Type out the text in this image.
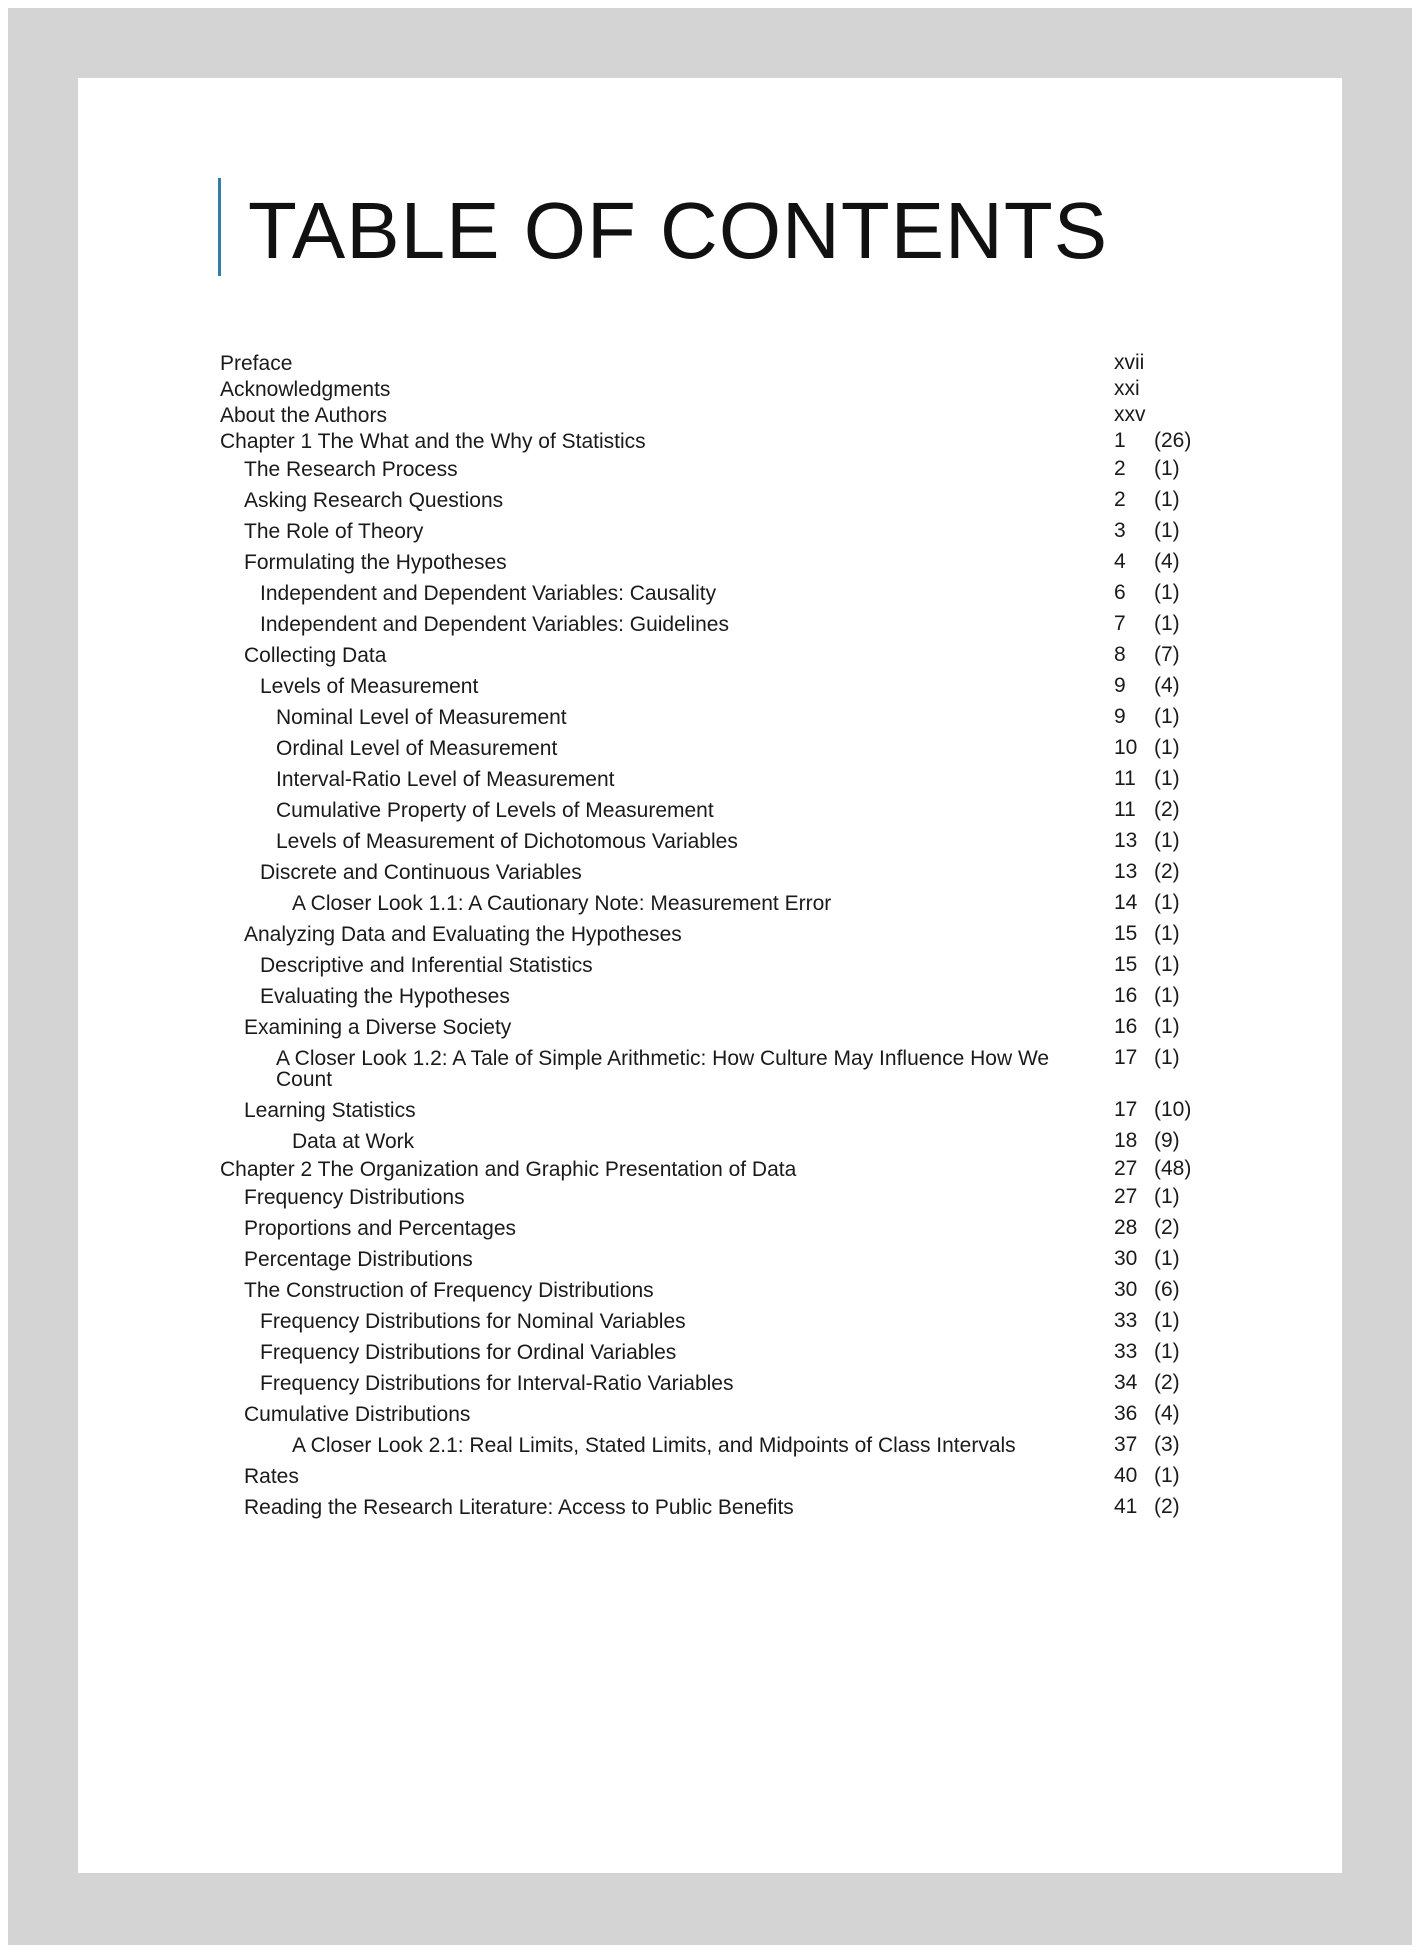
TABLE OF CONTENTS
Preface	xvii
Acknowledgments	xxi
About the Authors	xxv
Chapter 1 The What and the Why of Statistics	1 (26)
The Research Process	2 (1)
Asking Research Questions	2 (1)
The Role of Theory	3 (1)
Formulating the Hypotheses	4 (4)
Independent and Dependent Variables: Causality	6 (1)
Independent and Dependent Variables: Guidelines	7 (1)
Collecting Data	8 (7)
Levels of Measurement	9 (4)
Nominal Level of Measurement	9 (1)
Ordinal Level of Measurement	10 (1)
Interval-Ratio Level of Measurement	11 (1)
Cumulative Property of Levels of Measurement	11 (2)
Levels of Measurement of Dichotomous Variables	13 (1)
Discrete and Continuous Variables	13 (2)
A Closer Look 1.1: A Cautionary Note: Measurement Error	14 (1)
Analyzing Data and Evaluating the Hypotheses	15 (1)
Descriptive and Inferential Statistics	15 (1)
Evaluating the Hypotheses	16 (1)
Examining a Diverse Society	16 (1)
A Closer Look 1.2: A Tale of Simple Arithmetic: How Culture May Influence How We Count
17 (1)
Learning Statistics	17 (10)
Data at Work	18 (9)
Chapter 2 The Organization and Graphic Presentation of Data	27 (48)
Frequency Distributions	27 (1)
Proportions and Percentages	28 (2)
Percentage Distributions	30 (1)
The Construction of Frequency Distributions	30 (6)
Frequency Distributions for Nominal Variables	33 (1)
Frequency Distributions for Ordinal Variables	33 (1)
Frequency Distributions for Interval-Ratio Variables	34 (2)
Cumulative Distributions	36 (4)
A Closer Look 2.1: Real Limits, Stated Limits, and Midpoints of Class Intervals	37 (3)
Rates	40 (1)
Reading the Research Literature: Access to Public Benefits	41 (2)
